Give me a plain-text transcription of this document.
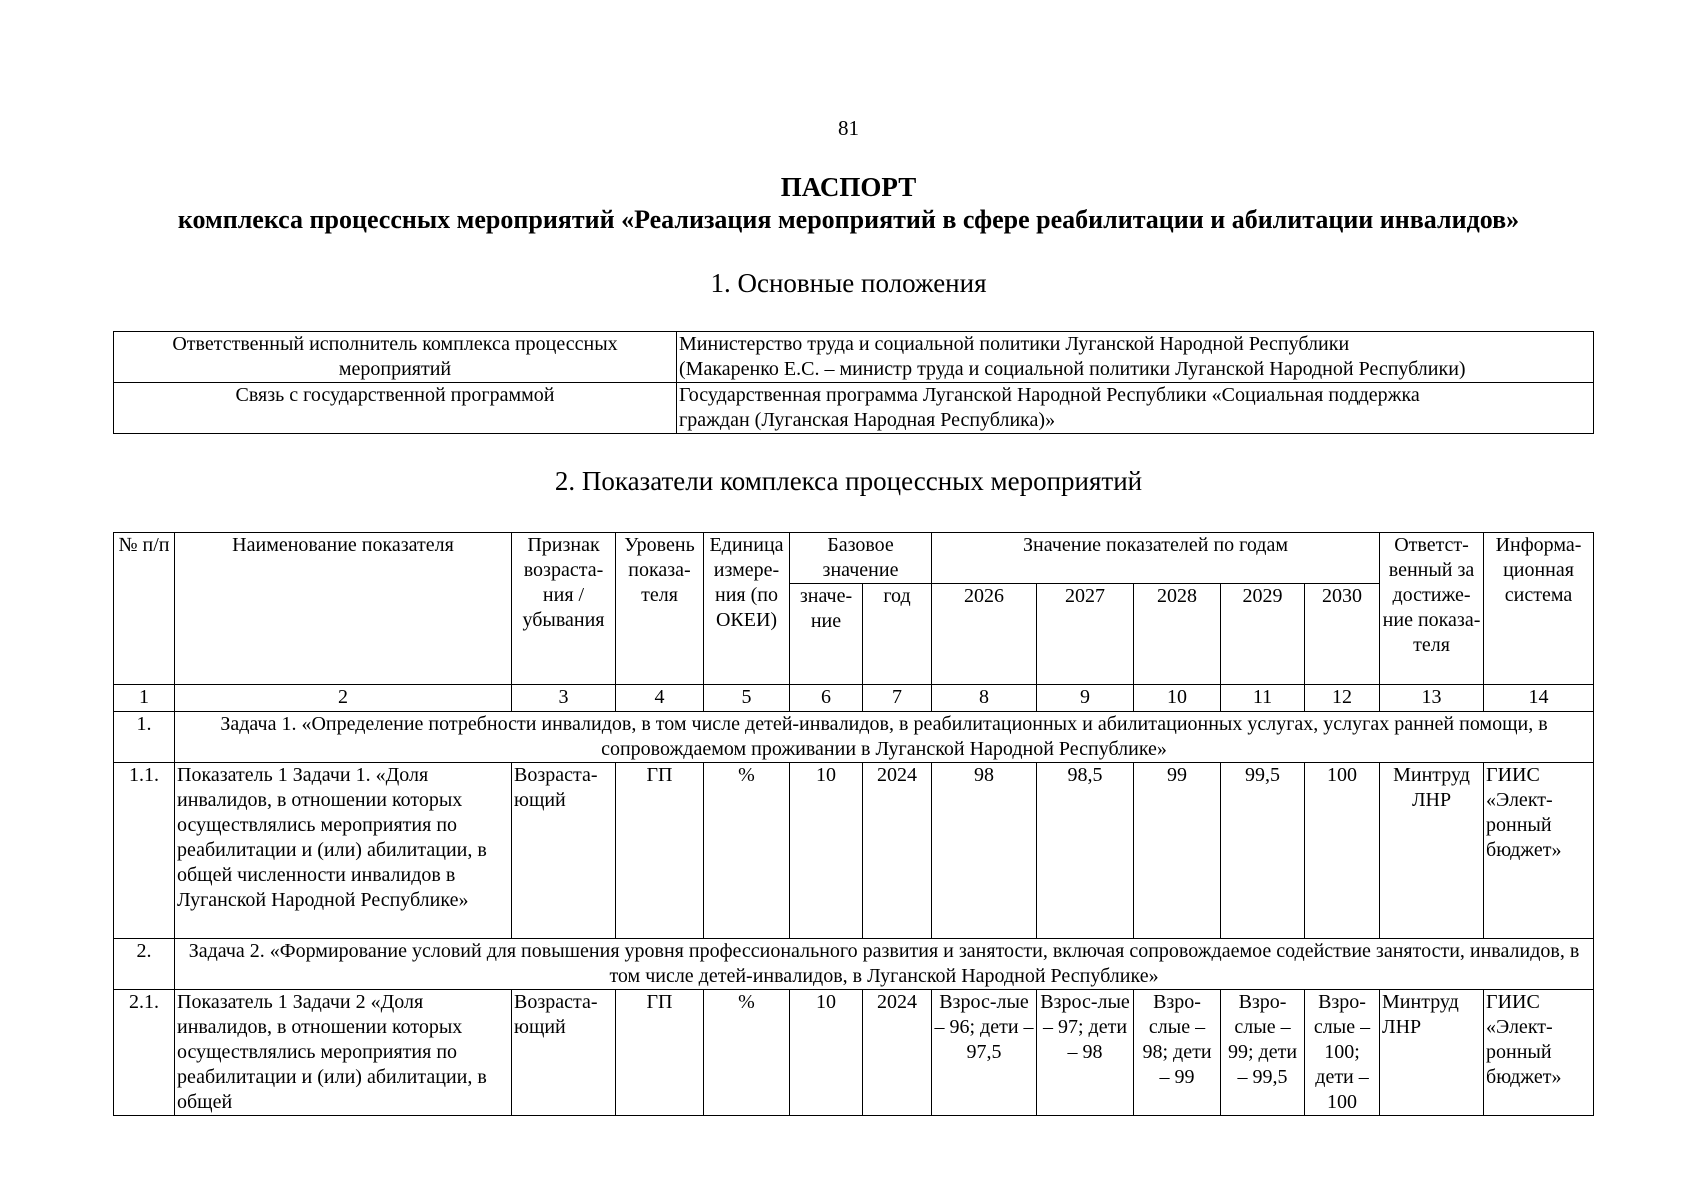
81
ПАСПОРТ
комплекса процессных мероприятий «Реализация мероприятий в сфере реабилитации и абилитации инвалидов»
1. Основные положения
Ответственный исполнитель комплекса процессных мероприятий	Министерство труда и социальной политики Луганской Народной Республики
(Макаренко Е.С. – министр труда и социальной политики Луганской Народной Республики)

Связь с государственной программой	Государственная программа Луганской Народной Республики «Социальная поддержка
граждан (Луганская Народная Республика)»
2. Показатели комплекса процессных мероприятий
№ п/п	Наименование показателя	Признак возраста-ния / убывания	Уровень показа-теля	Единица измере-ния (по ОКЕИ)	Базовое значение		Значение показателей по годам					Ответст-венный за достиже-ние показа-теля	Информа-ционная система
					значе-ние	год	2026	2027	2028	2029	2030		
1	2	3	4	5	6	7	8	9	10	11	12	13	14
1.	Задача 1. «Определение потребности инвалидов, в том числе детей-инвалидов, в реабилитационных и абилитационных услугах, услугах ранней помощи, в сопровождаемом проживании в Луганской Народной Республике»												
1.1.	Показатель 1 Задачи 1. «Доля инвалидов, в отношении которых осуществлялись мероприятия по реабилитации и (или) абилитации, в общей численности инвалидов в Луганской Народной Республике»	Возраста-ющий	ГП	%	10	2024	98	98,5	99	99,5	100	Минтруд ЛНР	ГИИС «Элект-ронный бюджет»
2.	Задача 2. «Формирование условий для повышения уровня профессионального развития и занятости, включая сопровождаемое содействие занятости, инвалидов, в том числе детей-инвалидов, в Луганской Народной Республике»												
2.1.	Показатель 1 Задачи 2 «Доля инвалидов, в отношении которых осуществлялись мероприятия по реабилитации и (или) абилитации, в общей	Возраста-ющий	ГП	%	10	2024	Взрос-лые – 96; дети – 97,5	Взрос-лые – 97; дети – 98	Взро-слые – 98; дети – 99	Взро-слые – 99; дети – 99,5	Взро-слые – 100; дети – 100	Минтруд ЛНР	ГИИС «Элект-ронный бюджет»
